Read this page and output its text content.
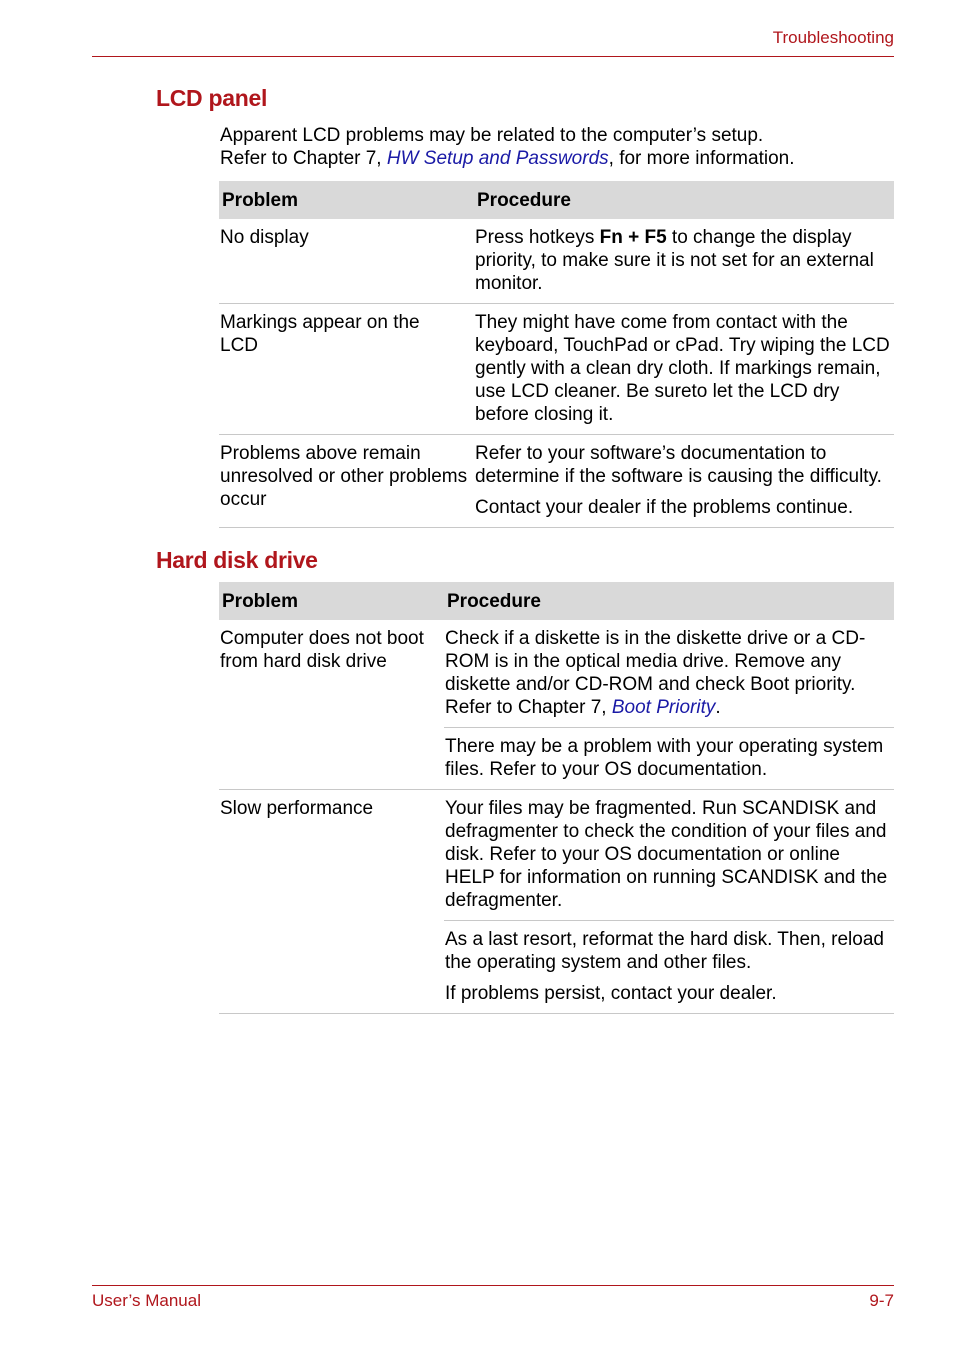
Troubleshooting
LCD panel
Apparent LCD problems may be related to the computer’s setup.
Refer to Chapter 7, HW Setup and Passwords, for more information.
Problem	Procedure
No display	Press hotkeys Fn + F5 to change the display priority, to make sure it is not set for an external monitor.
Markings appear on the LCD	They might have come from contact with the keyboard, TouchPad or cPad. Try wiping the LCD gently with a clean dry cloth. If markings remain, use LCD cleaner. Be sureto let the LCD dry before closing it.
Problems above remain unresolved or other problems occur	Refer to your software’s documentation to determine if the software is causing the difficulty.
Contact your dealer if the problems continue.
Hard disk drive
Problem	Procedure
Computer does not boot from hard disk drive	Check if a diskette is in the diskette drive or a CD-ROM is in the optical media drive. Remove any diskette and/or CD-ROM and check Boot priority. Refer to Chapter 7, Boot Priority.
	There may be a problem with your operating system files. Refer to your OS documentation.
Slow performance	Your files may be fragmented. Run SCANDISK and defragmenter to check the condition of your files and disk. Refer to your OS documentation or online HELP for information on running SCANDISK and the defragmenter.

	As a last resort, reformat the hard disk. Then, reload the operating system and other files.
If problems persist, contact your dealer.
User’s Manual	9-7
